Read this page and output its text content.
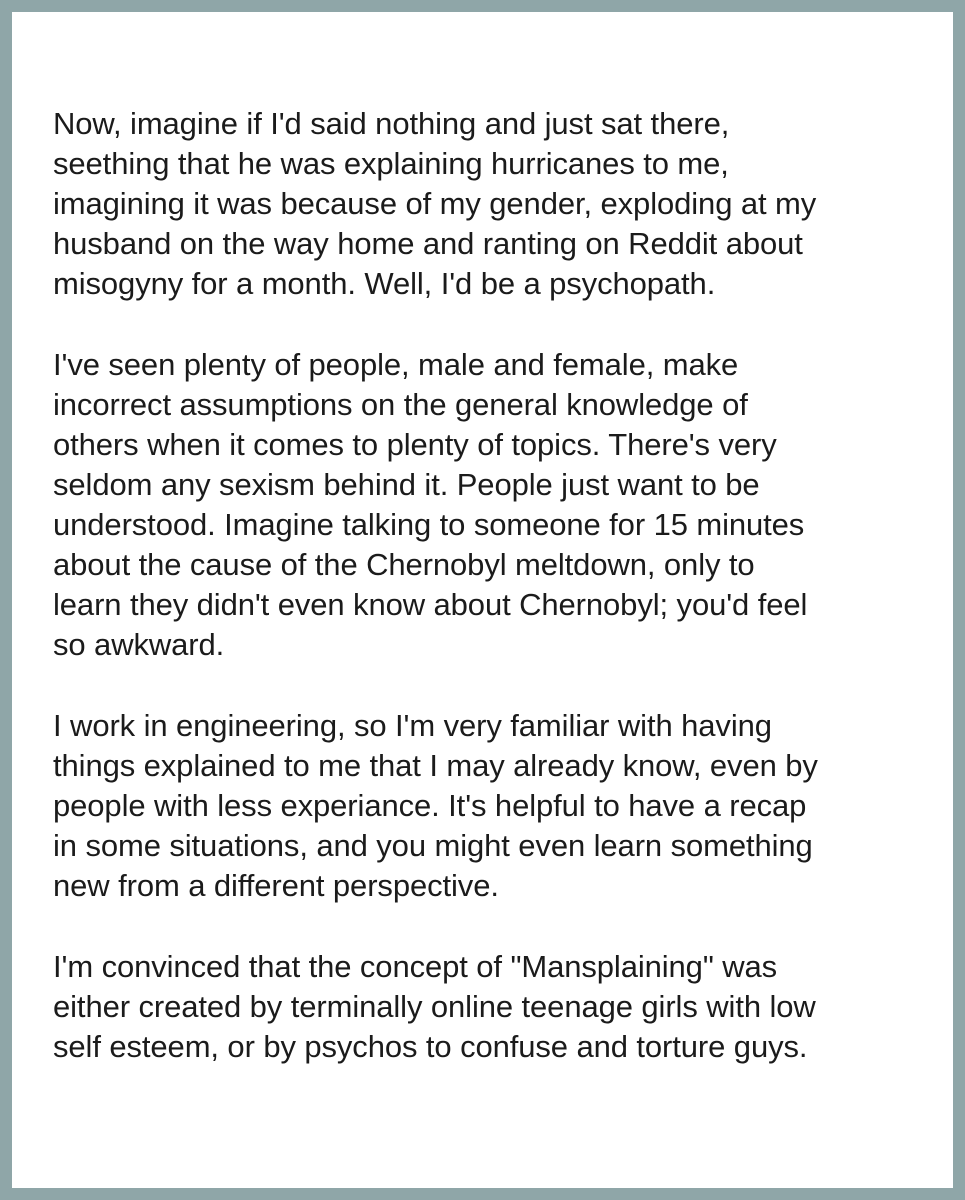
Now, imagine if I'd said nothing and just sat there,
seething that he was explaining hurricanes to me,
imagining it was because of my gender, exploding at my
husband on the way home and ranting on Reddit about
misogyny for a month. Well, I'd be a psychopath.

I've seen plenty of people, male and female, make
incorrect assumptions on the general knowledge of
others when it comes to plenty of topics. There's very
seldom any sexism behind it. People just want to be
understood. Imagine talking to someone for 15 minutes
about the cause of the Chernobyl meltdown, only to
learn they didn't even know about Chernobyl; you'd feel
so awkward.

I work in engineering, so I'm very familiar with having
things explained to me that I may already know, even by
people with less experiance. It's helpful to have a recap
in some situations, and you might even learn something
new from a different perspective.

I'm convinced that the concept of "Mansplaining" was
either created by terminally online teenage girls with low
self esteem, or by psychos to confuse and torture guys.
